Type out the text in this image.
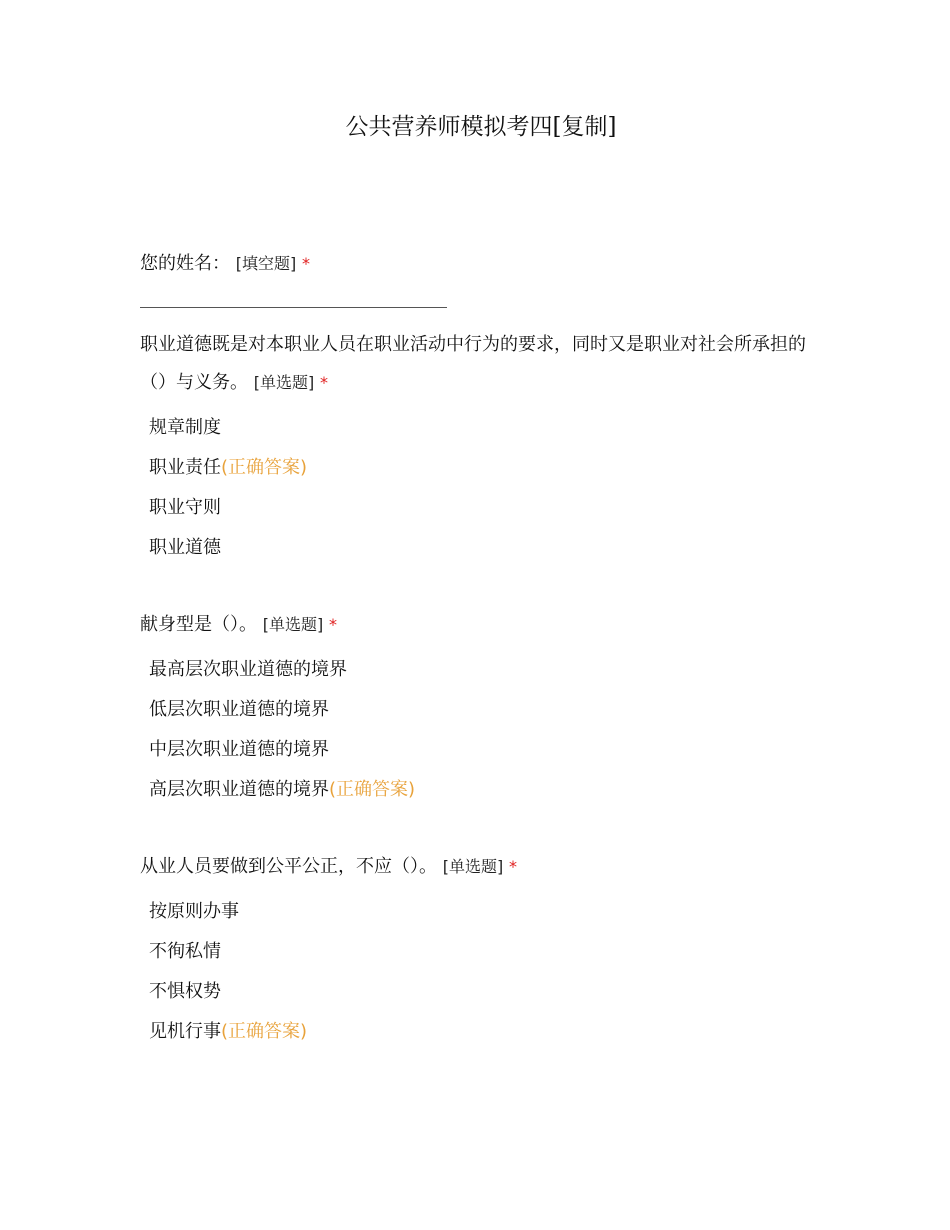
公共营养师模拟考四[复制]
您的姓名： [填空题] *
职业道德既是对本职业人员在职业活动中行为的要求，同时又是职业对社会所承担的（）与义务。 [单选题] *
规章制度
职业责任(正确答案)
职业守则
职业道德
献身型是（）。 [单选题] *
最高层次职业道德的境界
低层次职业道德的境界
中层次职业道德的境界
高层次职业道德的境界(正确答案)
从业人员要做到公平公正，不应（）。 [单选题] *
按原则办事
不徇私情
不惧权势
见机行事(正确答案)
